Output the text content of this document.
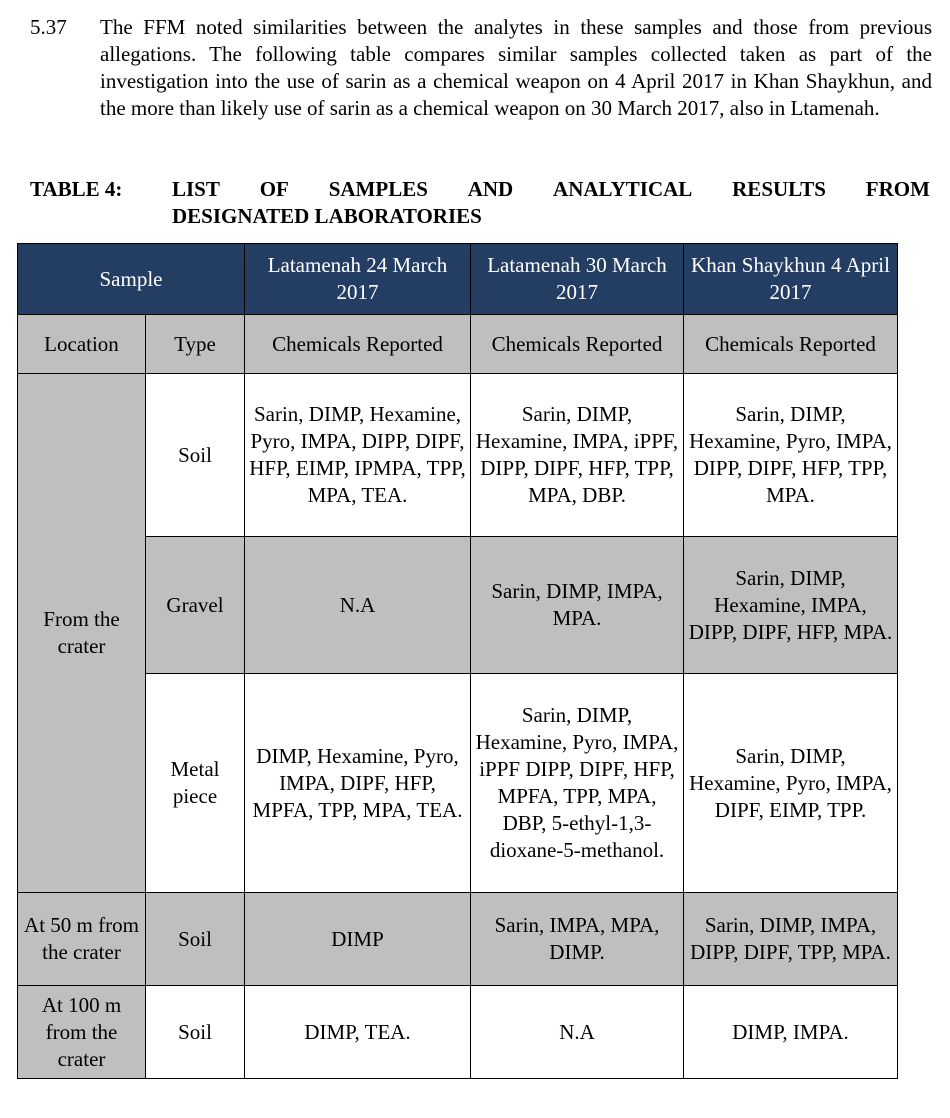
5.37 The FFM noted similarities between the analytes in these samples and those from previous allegations. The following table compares similar samples collected taken as part of the investigation into the use of sarin as a chemical weapon on 4 April 2017 in Khan Shaykhun, and the more than likely use of sarin as a chemical weapon on 30 March 2017, also in Ltamenah.
TABLE 4: LIST OF SAMPLES AND ANALYTICAL RESULTS FROM
DESIGNATED LABORATORIES
Sample		Latamenah 24 March 2017	Latamenah 30 March 2017	Khan Shaykhun 4 April 2017
Location	Type	Chemicals Reported	Chemicals Reported	Chemicals Reported
From the crater	Soil	Sarin, DIMP, Hexamine, Pyro, IMPA, DIPP, DIPF, HFP, EIMP, IPMPA, TPP, MPA, TEA.	Sarin, DIMP, Hexamine, IMPA, iPPF, DIPP, DIPF, HFP, TPP, MPA, DBP.	Sarin, DIMP, Hexamine, Pyro, IMPA, DIPP, DIPF, HFP, TPP, MPA.
	Gravel	N.A	Sarin, DIMP, IMPA, MPA.	Sarin, DIMP, Hexamine, IMPA, DIPP, DIPF, HFP, MPA.
	Metal piece	DIMP, Hexamine, Pyro, IMPA, DIPF, HFP, MPFA, TPP, MPA, TEA.	Sarin, DIMP, Hexamine, Pyro, IMPA, iPPF DIPP, DIPF, HFP, MPFA, TPP, MPA, DBP, 5-ethyl-1,3-dioxane-5-methanol.	Sarin, DIMP, Hexamine, Pyro, IMPA, DIPF, EIMP, TPP.
At 50 m from the crater	Soil	DIMP	Sarin, IMPA, MPA, DIMP.	Sarin, DIMP, IMPA, DIPP, DIPF, TPP, MPA.
At 100 m from the crater	Soil	DIMP, TEA.	N.A	DIMP, IMPA.
